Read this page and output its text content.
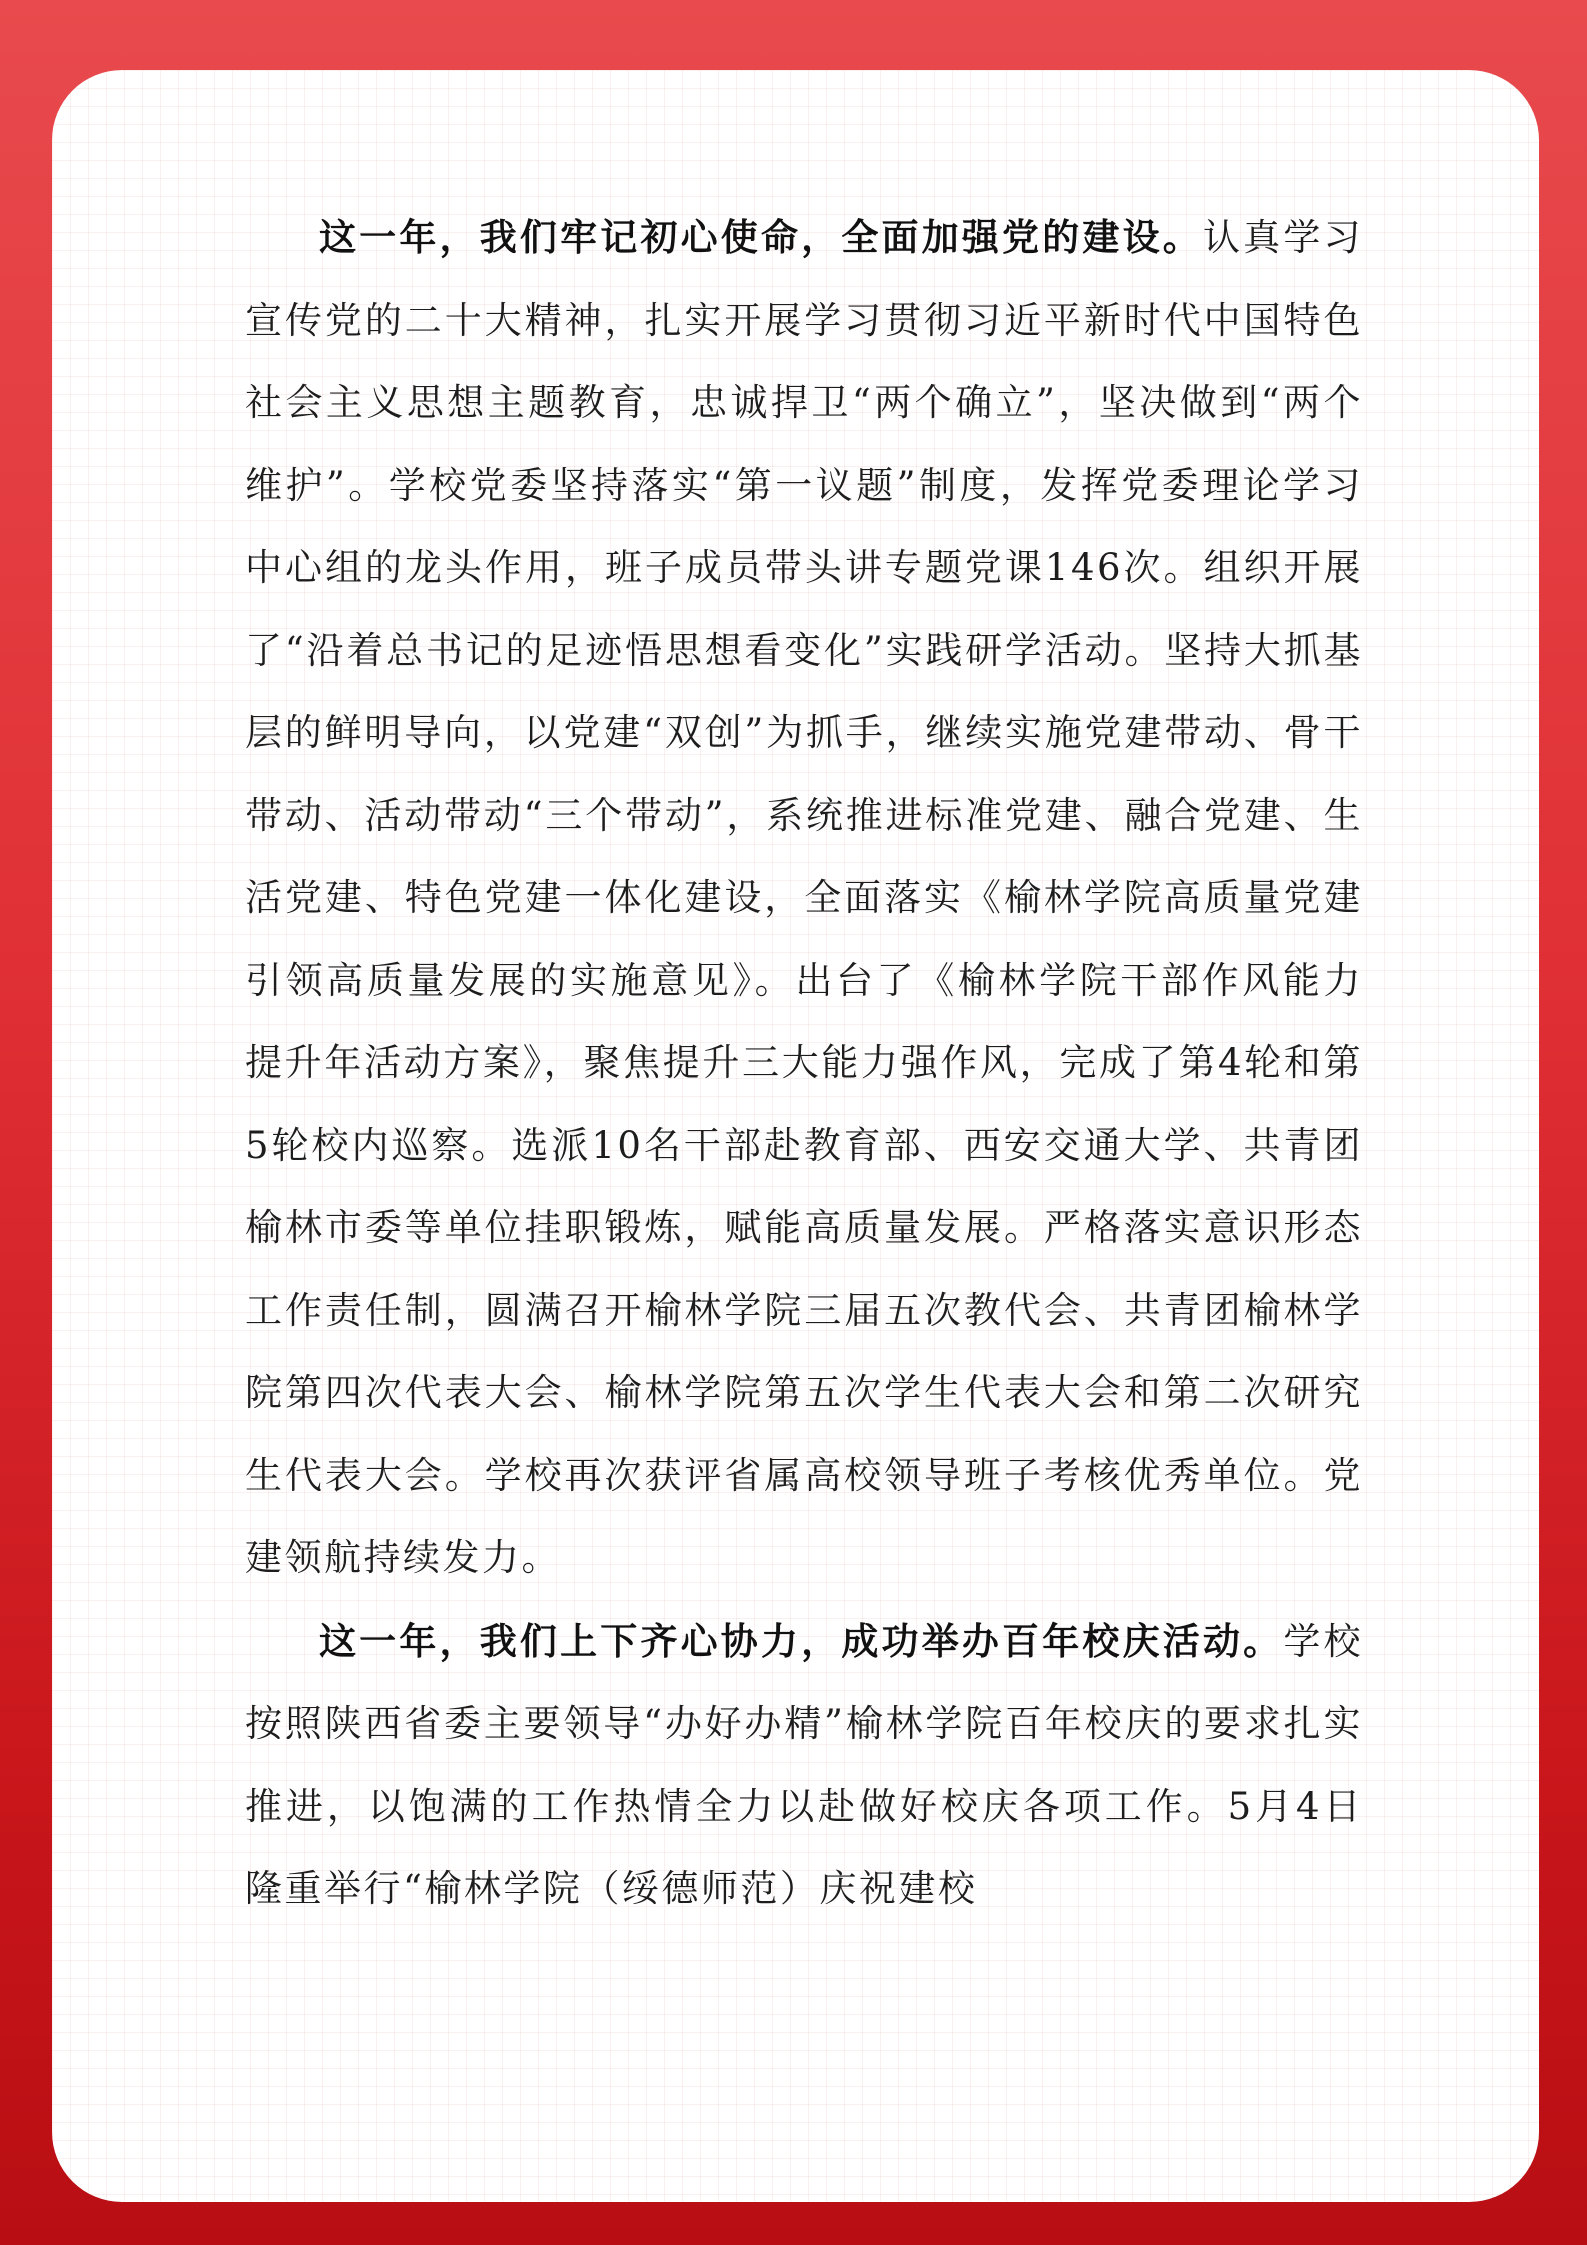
这一年，我们牢记初心使命，全面加强党的建设。认真学习宣传党的二十大精神，扎实开展学习贯彻习近平新时代中国特色社会主义思想主题教育，忠诚捍卫“两个确立”，坚决做到“两个维护”。学校党委坚持落实“第一议题”制度，发挥党委理论学习中心组的龙头作用，班子成员带头讲专题党课146次。组织开展了“沿着总书记的足迹悟思想看变化”实践研学活动。坚持大抓基层的鲜明导向，以党建“双创”为抓手，继续实施党建带动、骨干带动、活动带动“三个带动”，系统推进标准党建、融合党建、生活党建、特色党建一体化建设，全面落实《榆林学院高质量党建引领高质量发展的实施意见》。出台了《榆林学院干部作风能力提升年活动方案》，聚焦提升三大能力强作风，完成了第4轮和第5轮校内巡察。选派10名干部赴教育部、西安交通大学、共青团榆林市委等单位挂职锻炼，赋能高质量发展。严格落实意识形态工作责任制，圆满召开榆林学院三届五次教代会、共青团榆林学院第四次代表大会、榆林学院第五次学生代表大会和第二次研究生代表大会。学校再次获评省属高校领导班子考核优秀单位。党建领航持续发力。

这一年，我们上下齐心协力，成功举办百年校庆活动。学校按照陕西省委主要领导“办好办精”榆林学院百年校庆的要求扎实推进，以饱满的工作热情全力以赴做好校庆各项工作。5月4日隆重举行“榆林学院（绥德师范）庆祝建校
